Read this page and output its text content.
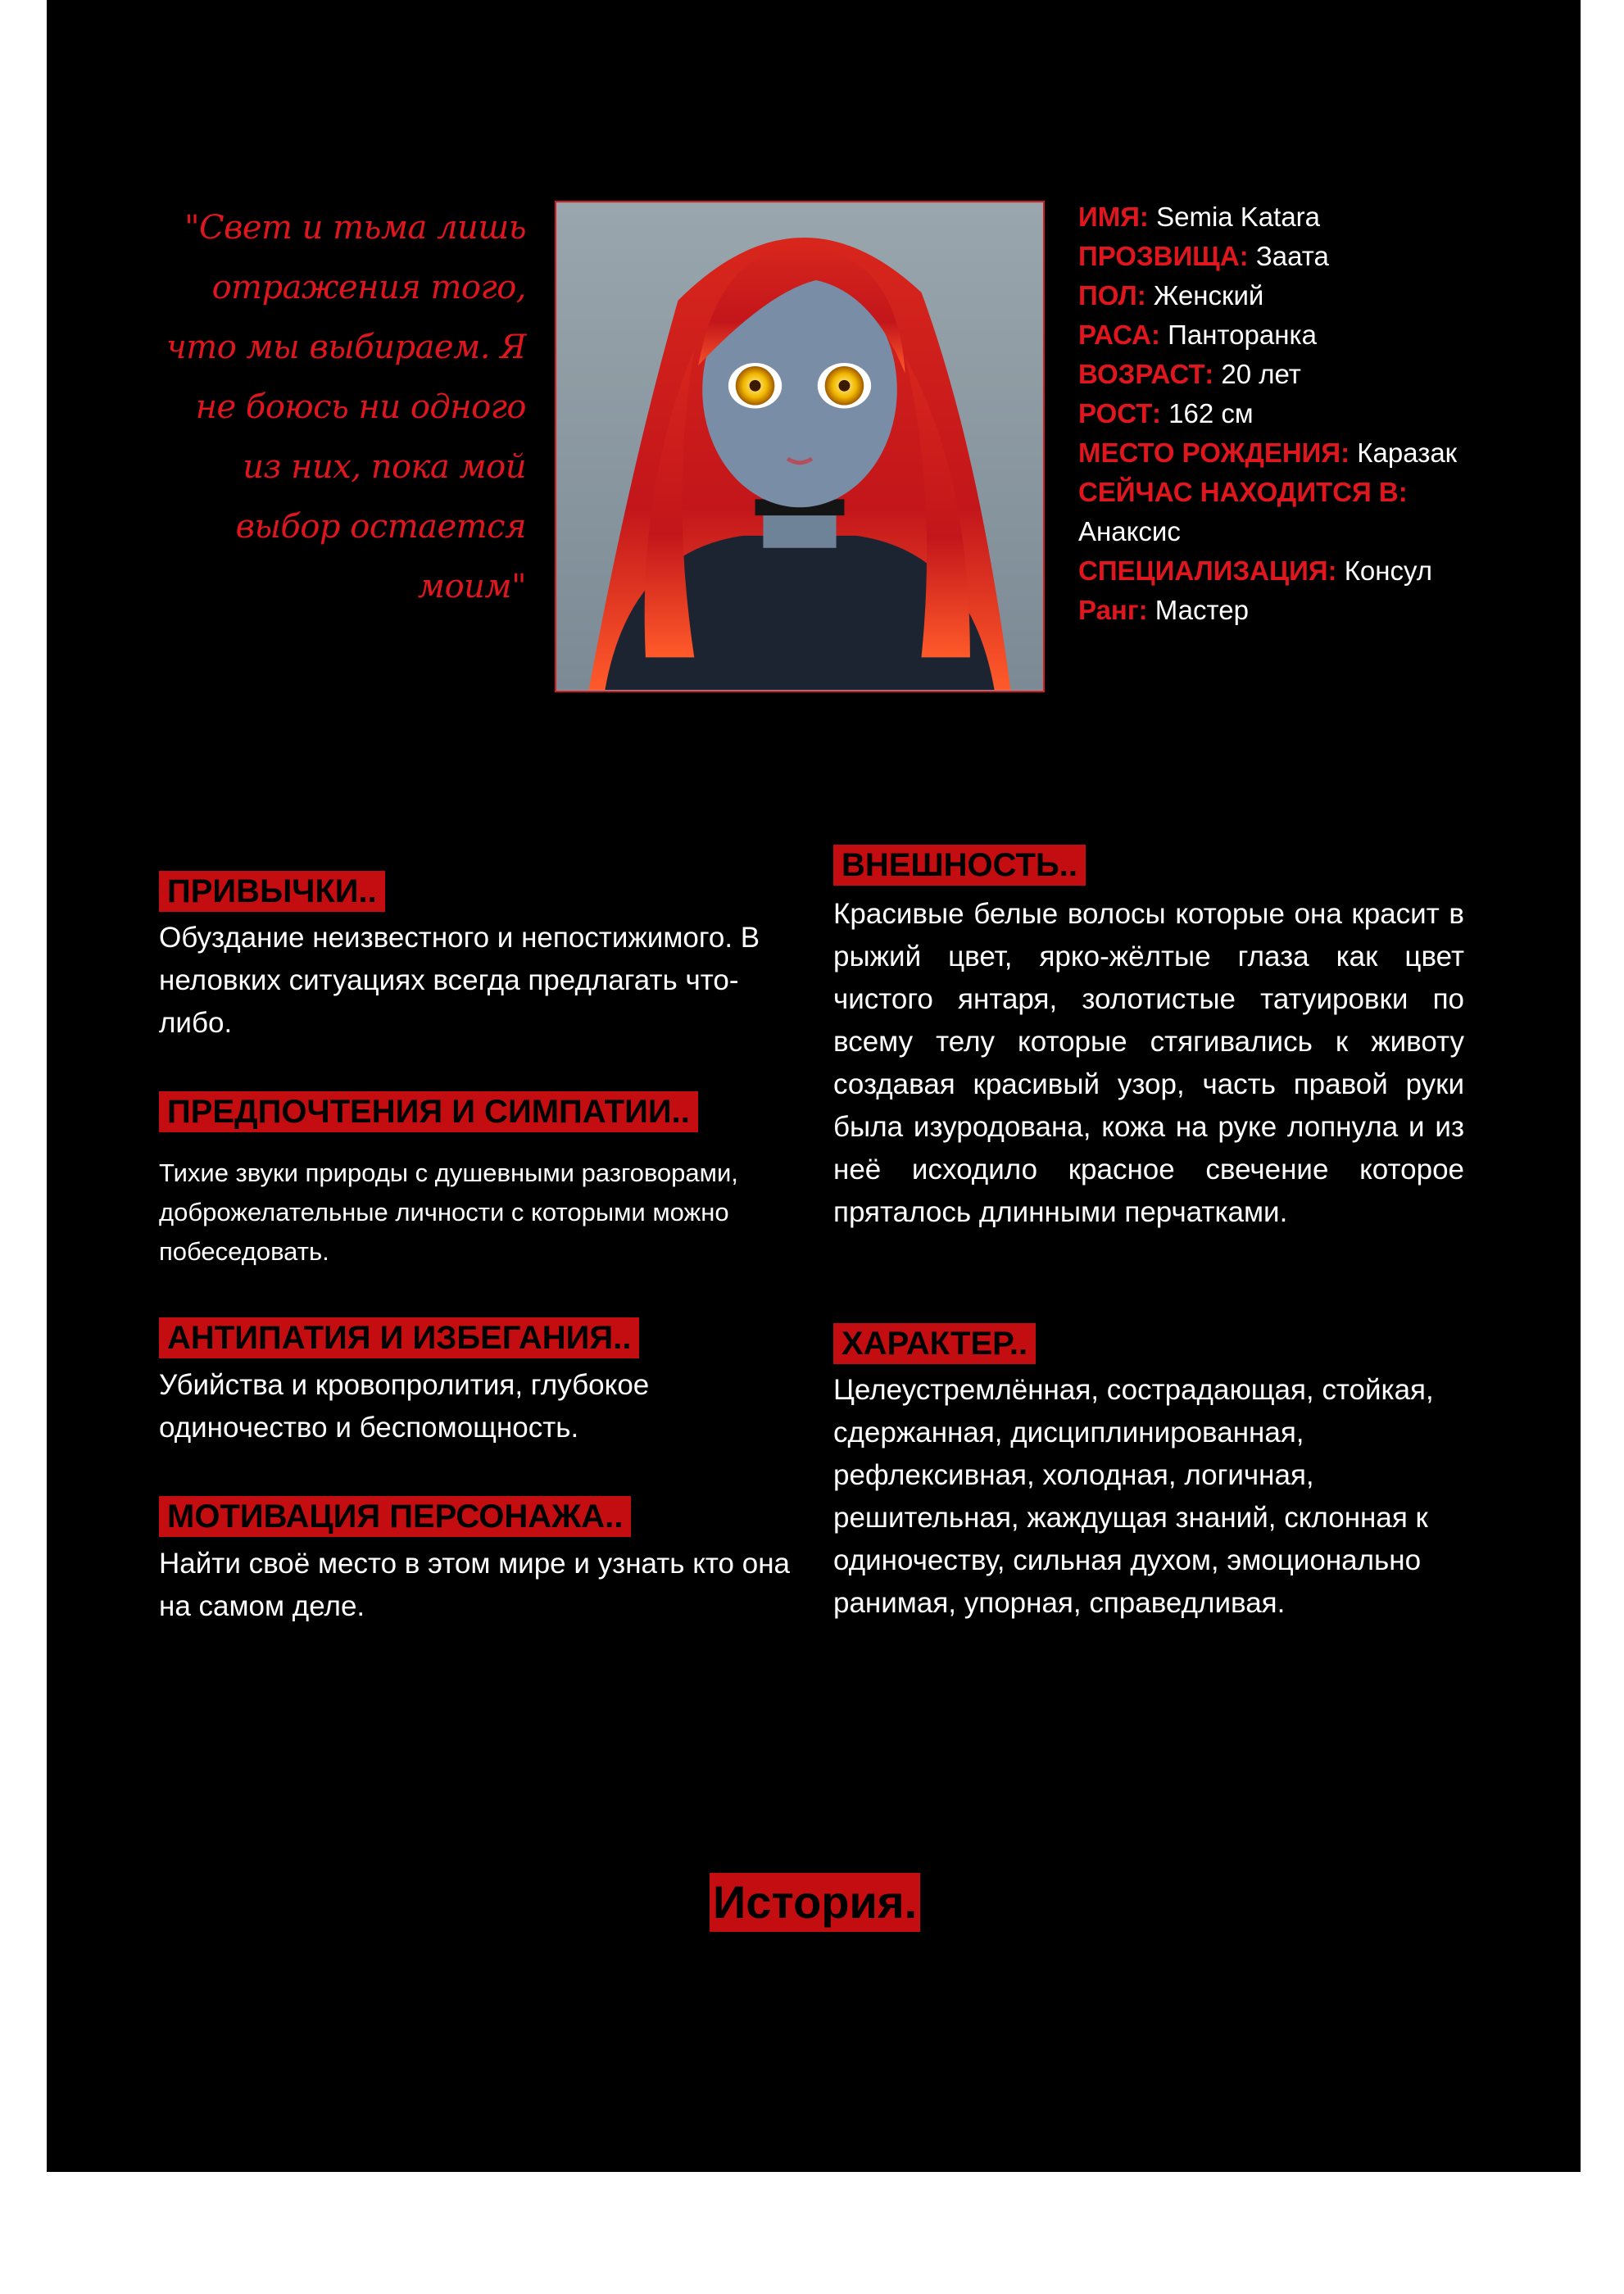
"Свет и тьма лишь отражения того, что мы выбираем. Я не боюсь ни одного из них, пока мой выбор остается моим"
ИМЯ: Semia Katara
ПРОЗВИЩА: Заата
ПОЛ: Женский
РАСА: Панторанка
ВОЗРАСТ: 20 лет
РОСТ: 162 см
МЕСТО РОЖДЕНИЯ: Каразак
СЕЙЧАС НАХОДИТСЯ В:
Анаксис
СПЕЦИАЛИЗАЦИЯ: Консул
Ранг: Мастер
ПРИВЫЧКИ..
Обуздание неизвестного и непостижимого. В неловких ситуациях всегда предлагать что-либо.
ПРЕДПОЧТЕНИЯ И СИМПАТИИ..
Тихие звуки природы с душевными разговорами, доброжелательные личности с которыми можно побеседовать.
АНТИПАТИЯ И ИЗБЕГАНИЯ..
Убийства и кровопролития, глубокое одиночество и беспомощность.
МОТИВАЦИЯ ПЕРСОНАЖА..
Найти своё место в этом мире и узнать кто она на самом деле.
ВНЕШНОСТЬ..
Красивые белые волосы которые она красит в рыжий цвет, ярко-жёлтые глаза как цвет чистого янтаря, золотистые татуировки по всему телу которые стягивались к животу создавая красивый узор, часть правой руки была изуродована, кожа на руке лопнула и из неё исходило красное свечение которое пряталось длинными перчатками.
ХАРАКТЕР..
Целеустремлённая, сострадающая, стойкая, сдержанная, дисциплинированная, рефлексивная, холодная, логичная, решительная, жаждущая знаний, склонная к одиночеству, сильная духом, эмоционально ранимая, упорная, справедливая.
История.
